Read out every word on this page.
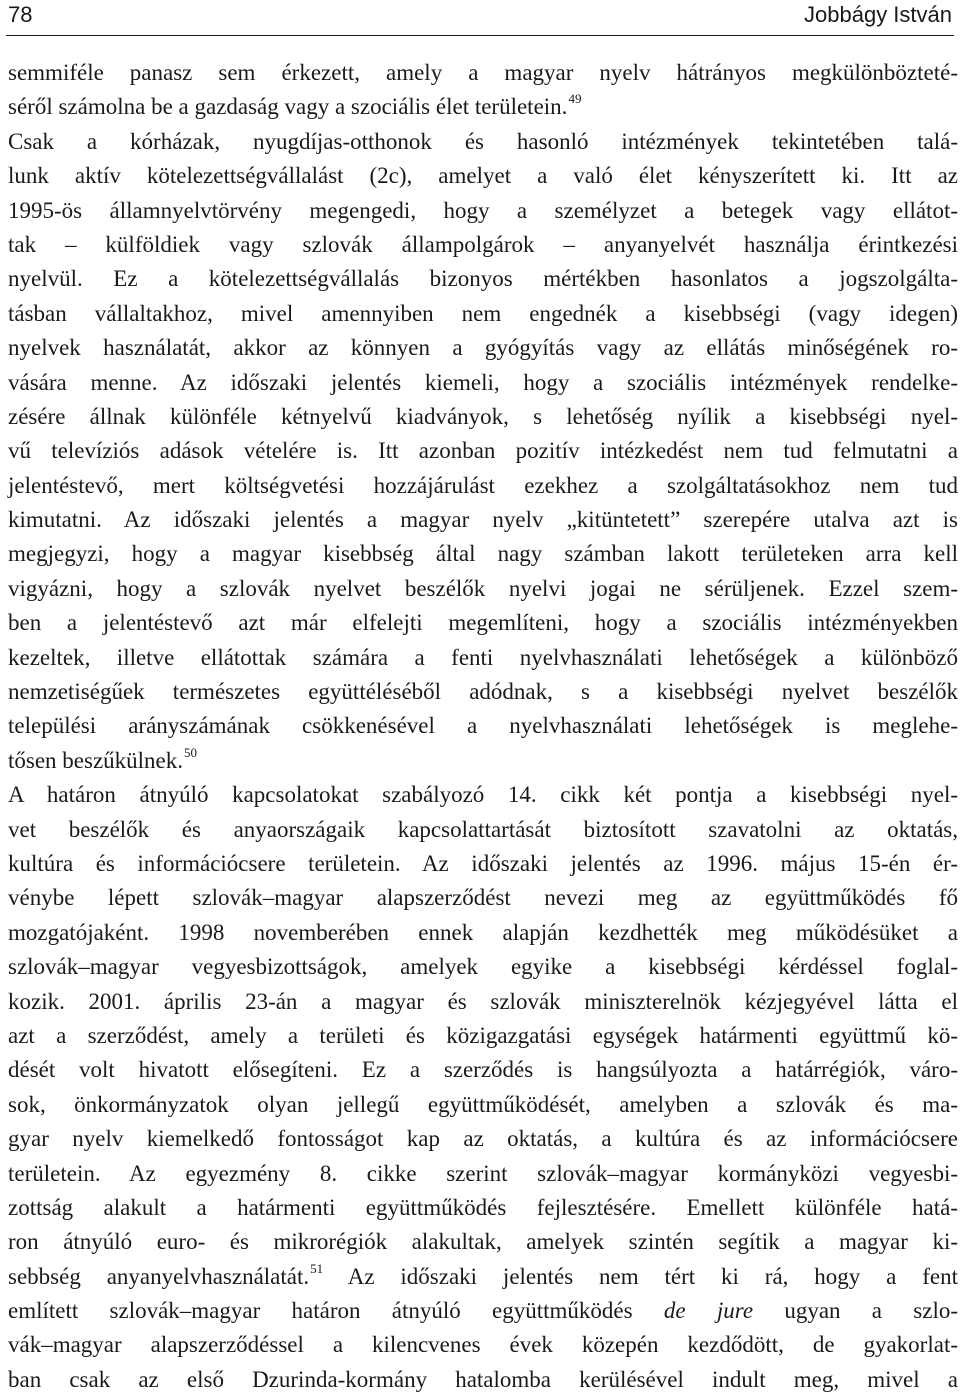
78	Jobbágy István
semmiféle panasz sem érkezett, amely a magyar nyelv hátrányos megkülönbözteté-
séről számolna be a gazdaság vagy a szociális élet területein.$^{49}$
Csak a kórházak, nyugdíjas-otthonok és hasonló intézmények tekintetében talá-
lunk aktív kötelezettségvállalást (2c), amelyet a való élet kényszerített ki. Itt az
1995-ös államnyelvtörvény megengedi, hogy a személyzet a betegek vagy ellátot-
tak – külföldiek vagy szlovák állampolgárok – anyanyelvét használja érintkezési
nyelvül. Ez a kötelezettségvállalás bizonyos mértékben hasonlatos a jogszolgálta-
tásban vállaltakhoz, mivel amennyiben nem engednék a kisebbségi (vagy idegen)
nyelvek használatát, akkor az könnyen a gyógyítás vagy az ellátás minőségének ro-
vására menne. Az időszaki jelentés kiemeli, hogy a szociális intézmények rendelke-
zésére állnak különféle kétnyelvű kiadványok, s lehetőség nyílik a kisebbségi nyel-
vű televíziós adások vételére is. Itt azonban pozitív intézkedést nem tud felmutatni a
jelentéstevő, mert költségvetési hozzájárulást ezekhez a szolgáltatásokhoz nem tud
kimutatni. Az időszaki jelentés a magyar nyelv „kitüntetett” szerepére utalva azt is
megjegyzi, hogy a magyar kisebbség által nagy számban lakott területeken arra kell
vigyázni, hogy a szlovák nyelvet beszélők nyelvi jogai ne sérüljenek. Ezzel szem-
ben a jelentéstevő azt már elfelejti megemlíteni, hogy a szociális intézményekben
kezeltek, illetve ellátottak számára a fenti nyelvhasználati lehetőségek a különböző
nemzetiségűek természetes együttéléséből adódnak, s a kisebbségi nyelvet beszélők
települési arányszámának csökkenésével a nyelvhasználati lehetőségek is meglehe-
tősen beszűkülnek.$^{50}$
A határon átnyúló kapcsolatokat szabályozó 14. cikk két pontja a kisebbségi nyel-
vet beszélők és anyaországaik kapcsolattartását biztosított szavatolni az oktatás,
kultúra és információcsere területein. Az időszaki jelentés az 1996. május 15-én ér-
vénybe lépett szlovák–magyar alapszerződést nevezi meg az együttműködés fő
mozgatójaként. 1998 novemberében ennek alapján kezdhették meg működésüket a
szlovák–magyar vegyesbizottságok, amelyek egyike a kisebbségi kérdéssel foglal-
kozik. 2001. április 23-án a magyar és szlovák miniszterelnök kézjegyével látta el
azt a szerződést, amely a területi és közigazgatási egységek határmenti együttmű kö-
dését volt hivatott elősegíteni. Ez a szerződés is hangsúlyozta a határrégiók, váro-
sok, önkormányzatok olyan jellegű együttműködését, amelyben a szlovák és ma-
gyar nyelv kiemelkedő fontosságot kap az oktatás, a kultúra és az információcsere
területein. Az egyezmény 8. cikke szerint szlovák–magyar kormányközi vegyesbi-
zottság alakult a határmenti együttműködés fejlesztésére. Emellett különféle hatá-
ron átnyúló euro- és mikrorégiók alakultak, amelyek szintén segítik a magyar ki-
sebbség anyanyelvhasználatát.$^{51}$ Az időszaki jelentés nem tért ki rá, hogy a fent
említett szlovák–magyar határon átnyúló együttműködés de jure ugyan a szlo-
vák–magyar alapszerződéssel a kilencvenes évek közepén kezdődött, de gyakorlat-
ban csak az első Dzurinda-kormány hatalomba kerülésével indult meg, mivel a
